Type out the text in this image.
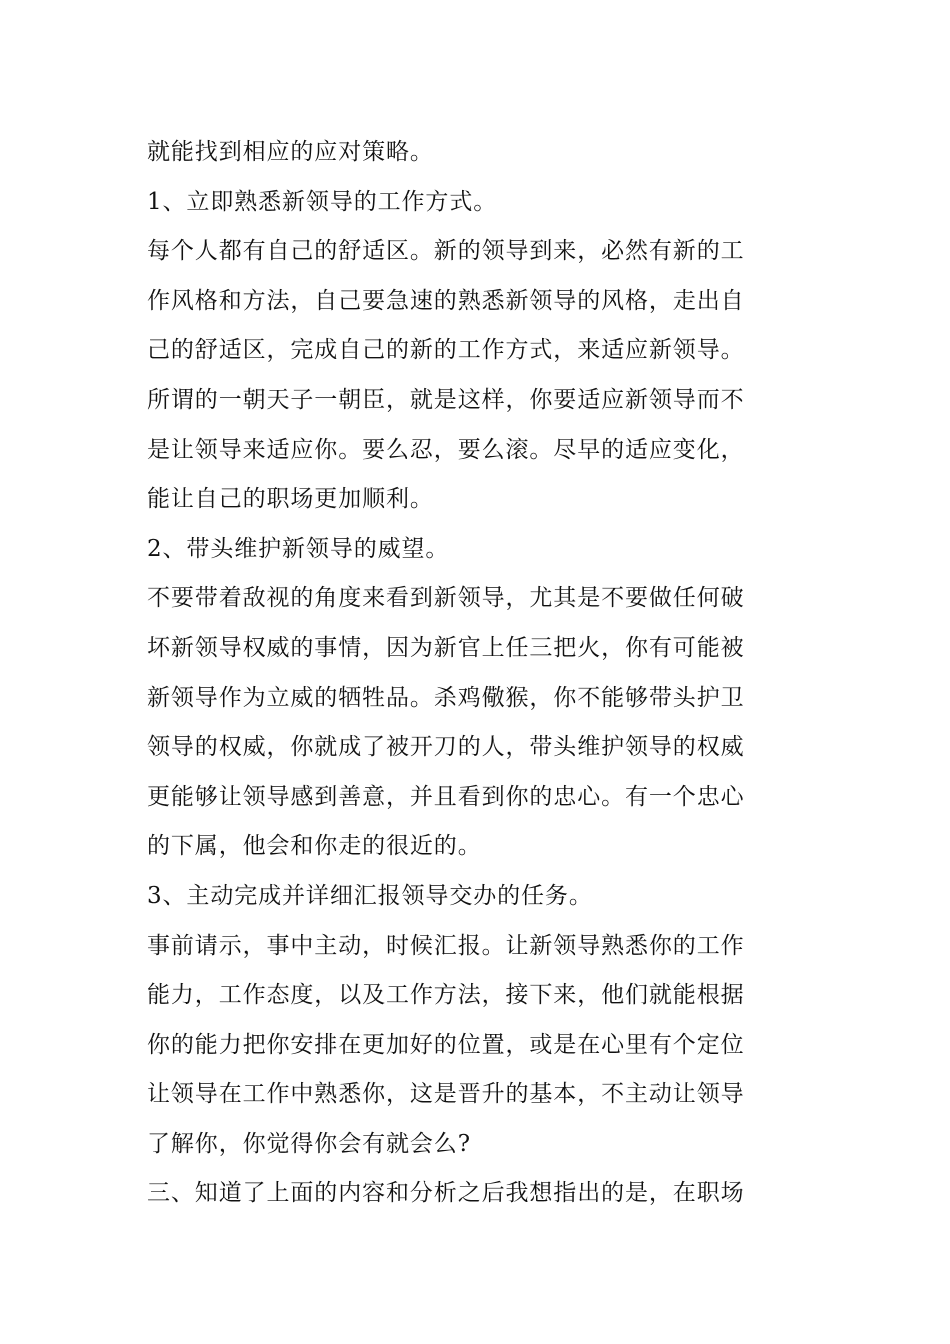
就能找到相应的应对策略。
1、立即熟悉新领导的工作方式。
每个人都有自己的舒适区。新的领导到来，必然有新的工
作风格和方法，自己要急速的熟悉新领导的风格，走出自
己的舒适区，完成自己的新的工作方式，来适应新领导。
所谓的一朝天子一朝臣，就是这样，你要适应新领导而不
是让领导来适应你。要么忍，要么滚。尽早的适应变化，
能让自己的职场更加顺利。
2、带头维护新领导的威望。
不要带着敌视的角度来看到新领导，尤其是不要做任何破
坏新领导权威的事情，因为新官上任三把火，你有可能被
新领导作为立威的牺牲品。杀鸡儆猴，你不能够带头护卫
领导的权威，你就成了被开刀的人，带头维护领导的权威
更能够让领导感到善意，并且看到你的忠心。有一个忠心
的下属，他会和你走的很近的。
3、主动完成并详细汇报领导交办的任务。
事前请示，事中主动，时候汇报。让新领导熟悉你的工作
能力，工作态度，以及工作方法，接下来，他们就能根据
你的能力把你安排在更加好的位置，或是在心里有个定位
让领导在工作中熟悉你，这是晋升的基本，不主动让领导
了解你，你觉得你会有就会么?
三、知道了上面的内容和分析之后我想指出的是，在职场
